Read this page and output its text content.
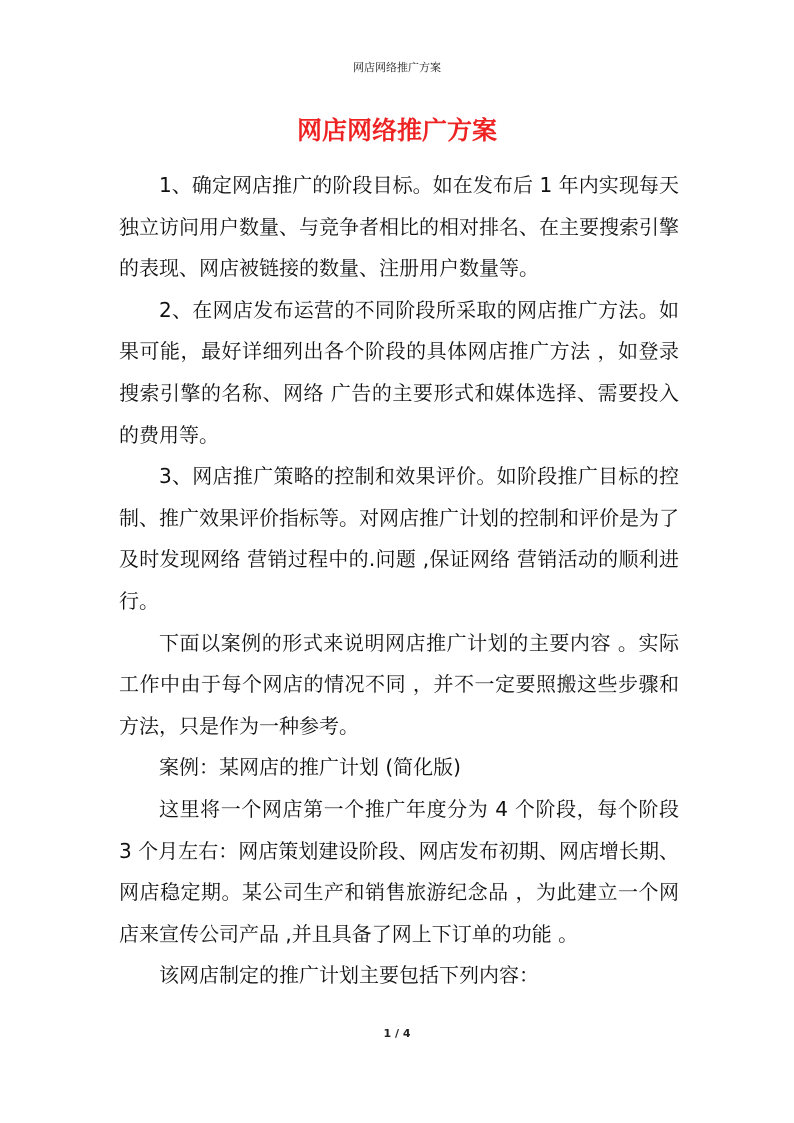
网店网络推广方案
网店网络推广方案

1、确定网店推广的阶段目标。如在发布后 1 年内实现每天独立访问用户数量、与竞争者相比的相对排名、在主要搜索引擎的表现、网店被链接的数量、注册用户数量等。

2、在网店发布运营的不同阶段所采取的网店推广方法。如果可能，最好详细列出各个阶段的具体网店推广方法 ，如登录搜索引擎的名称、网络 广告的主要形式和媒体选择、需要投入的费用等。

3、网店推广策略的控制和效果评价。如阶段推广目标的控制、推广效果评价指标等。对网店推广计划的控制和评价是为了及时发现网络 营销过程中的.问题 ,保证网络 营销活动的顺利进行。

下面以案例的形式来说明网店推广计划的主要内容 。实际工作中由于每个网店的情况不同 ，并不一定要照搬这些步骤和方法，只是作为一种参考。

案例：某网店的推广计划 (简化版)

这里将一个网店第一个推广年度分为 4 个阶段，每个阶段 3 个月左右：网店策划建设阶段、网店发布初期、网店增长期、网店稳定期。某公司生产和销售旅游纪念品 ，为此建立一个网店来宣传公司产品 ,并且具备了网上下订单的功能 。

该网店制定的推广计划主要包括下列内容：

1 / 4
